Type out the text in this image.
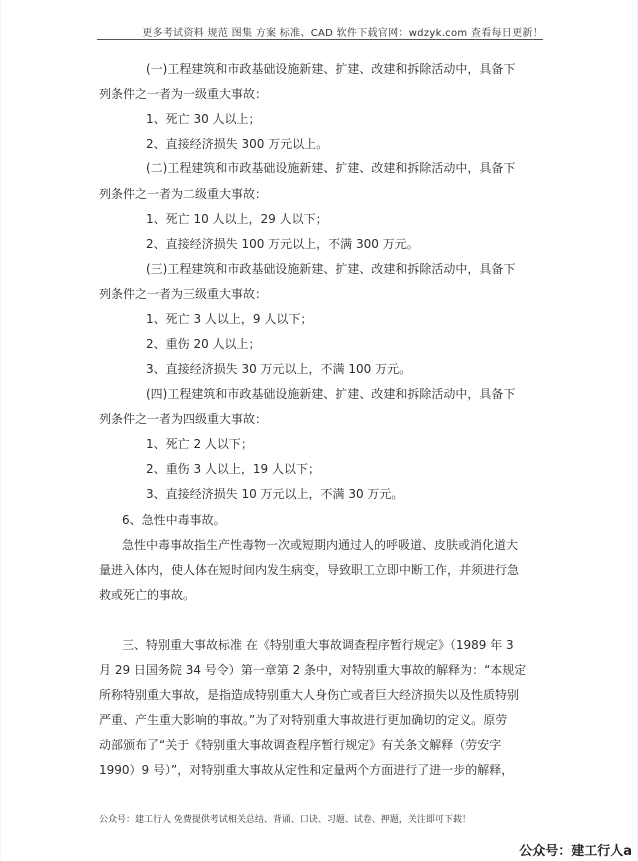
更多考试资料 规范 图集 方案 标准、CAD 软件下载官网：wdzyk.com 查看每日更新！
(一)工程建筑和市政基础设施新建、扩建、改建和拆除活动中，具备下
列条件之一者为一级重大事故：
1、死亡 30 人以上；
2、直接经济损失 300 万元以上。
(二)工程建筑和市政基础设施新建、扩建、改建和拆除活动中，具备下
列条件之一者为二级重大事故：
1、死亡 10 人以上，29 人以下；
2、直接经济损失 100 万元以上，不满 300 万元。
(三)工程建筑和市政基础设施新建、扩建、改建和拆除活动中，具备下
列条件之一者为三级重大事故：
1、死亡 3 人以上，9 人以下；
2、重伤 20 人以上；
3、直接经济损失 30 万元以上，不满 100 万元。
(四)工程建筑和市政基础设施新建、扩建、改建和拆除活动中，具备下
列条件之一者为四级重大事故：
1、死亡 2 人以下；
2、重伤 3 人以上，19 人以下；
3、直接经济损失 10 万元以上，不满 30 万元。
6、急性中毒事故。
急性中毒事故指生产性毒物一次或短期内通过人的呼吸道、皮肤或消化道大
量进入体内，使人体在短时间内发生病变，导致职工立即中断工作，并须进行急
救或死亡的事故。
三、特别重大事故标准 在《特别重大事故调查程序暂行规定》（1989 年 3
月 29 日国务院 34 号令）第一章第 2 条中，对特别重大事故的解释为：“本规定
所称特别重大事故，是指造成特别重大人身伤亡或者巨大经济损失以及性质特别
严重、产生重大影响的事故。”为了对特别重大事故进行更加确切的定义。原劳
动部颁布了“关于《特别重大事故调查程序暂行规定》有关条文解释（劳安字
1990）9 号）”，对特别重大事故从定性和定量两个方面进行了进一步的解释，
公众号：建工行人 免费提供考试相关总结、背诵、口诀、习题、试卷、押题，关注即可下载！
公众号：建工行人a
